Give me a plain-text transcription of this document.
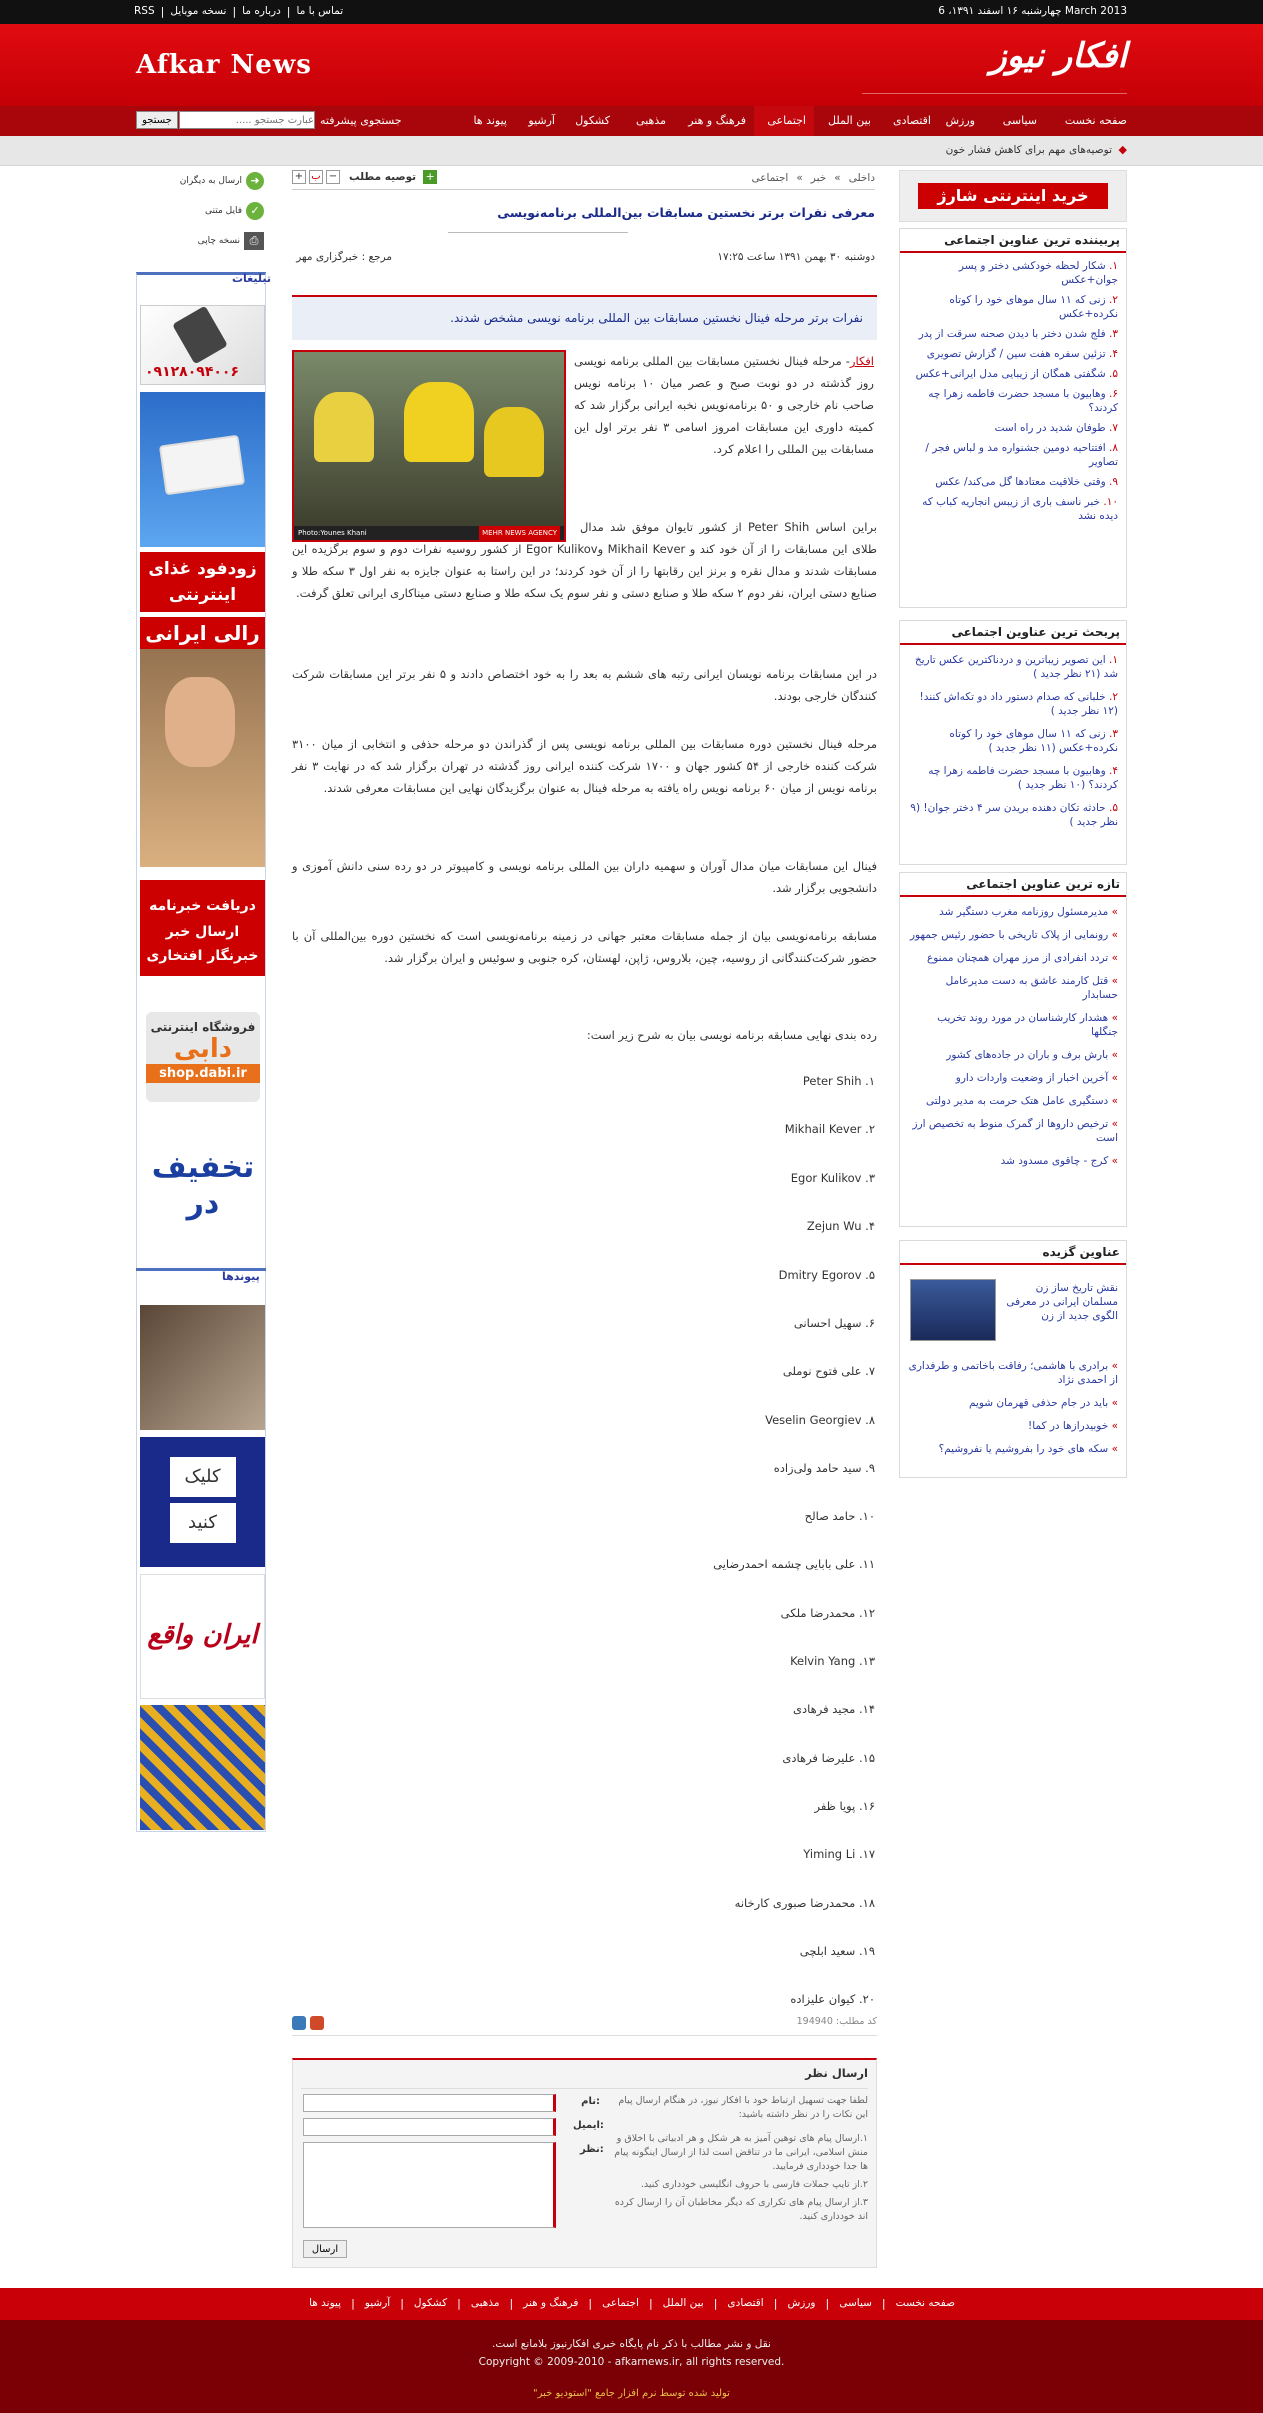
چهارشنبه ۱۶ اسفند ۱۳۹۱، 6 March 2013
تماس با ما
|
درباره ما
|
نسخه موبایل
|
RSS
Afkar News	افکار نیوز
صفحه نخست
سیاسی
ورزش
اقتصادی
بین الملل
اجتماعی
فرهنگ و هنر
مذهبی
کشکول
آرشیو
پیوند ها
جستجوی پیشرفته
عبارت جستجو .....
جستجو
◆
توصیه‌های مهم برای کاهش فشار خون
ارسال به دیگران ➜
فایل متنی ✓
نسخه چاپی ⎙
تبلیغات
۰۹۱۲۸۰۹۴۰۰۶
زودفود غذای اینترنتی
رالی ایرانی
دریافت خبرنامه
ارسال خبر
خبرنگار افتخاری
فروشگاه اینترنتی
دابی
shop.dabi.ir
تخفیف در
پیوندها
کلیک
کنید
ایران واقع
داخلی
»
خبر
»
اجتماعی
+ ب − توصیه مطلب +
معرفی نفرات برتر نخستین مسابقات بین‌المللی برنامه‌نویسی
دوشنبه ۳۰ بهمن ۱۳۹۱ ساعت ۱۷:۲۵
مرجع : خبرگزاری مهر
نفرات برتر مرحله فینال نخستین مسابقات بین المللی برنامه نویسی مشخص شدند.
Photo:Younes Khani	MEHR NEWS AGENCY

افکار- مرحله فینال نخستین مسابقات بین المللی برنامه نویسی روز گذشته در دو نوبت صبح و عصر میان ۱۰ برنامه نویس صاحب نام خارجی و ۵۰ برنامه‌نویس نخبه ایرانی برگزار شد که کمیته داوری این مسابقات امروز اسامی ۳ نفر برتر اول این مسابقات بین المللی را اعلام کرد.

براین اساس Peter Shih از کشور تایوان موفق شد مدال طلای این مسابقات را از آن خود کند و Mikhail Kever وEgor Kulikov از کشور روسیه نفرات دوم و سوم برگزیده این مسابقات شدند و مدال نقره و برنز این رقابتها را از آن خود کردند؛ در این راستا به عنوان جایزه به نفر اول ۳ سکه طلا و صنایع دستی ایران، نفر دوم ۲ سکه طلا و صنایع دستی و نفر سوم یک سکه طلا و صنایع دستی میناکاری ایرانی تعلق گرفت.

در این مسابقات برنامه نویسان ایرانی رتبه های ششم به بعد را به خود اختصاص دادند و ۵ نفر برتر این مسابقات شرکت کنندگان خارجی بودند.

مرحله فینال نخستین دوره مسابقات بین المللی برنامه نویسی پس از گذراندن دو مرحله حذفی و انتخابی از میان ۳۱۰۰ شرکت کننده خارجی از ۵۴ کشور جهان و ۱۷۰۰ شرکت کننده ایرانی روز گذشته در تهران برگزار شد که در نهایت ۳ نفر برنامه نویس از میان ۶۰ برنامه نویس راه یافته به مرحله فینال به عنوان برگزیدگان نهایی این مسابقات معرفی شدند.

فینال این مسابقات میان مدال آوران و سهمیه داران بین المللی برنامه نویسی و کامپیوتر در دو رده سنی دانش آموزی و دانشجویی برگزار شد.

مسابقه برنامه‌نویسی بیان از جمله مسابقات معتبر جهانی در زمینه برنامه‌نویسی است که نخستین دوره بین‌المللی آن با حضور شرکت‌کنندگانی از روسیه، چین، بلاروس، ژاپن، لهستان، کره جنوبی و سوئیس و ایران برگزار شد.

رده بندی نهایی مسابقه برنامه نویسی بیان به شرح زیر است:

۱. Peter Shih
۲. Mikhail Kever
۳. Egor Kulikov
۴. Zejun Wu
۵. Dmitry Egorov
۶. سهیل احسانی
۷. علی فتوح نوملی
۸. Veselin Georgiev
۹. سید حامد ولی‌زاده
۱۰. حامد صالح
۱۱. علی بابایی چشمه احمدرضایی
۱۲. محمدرضا ملکی
۱۳. Kelvin Yang
۱۴. مجید فرهادی
۱۵. علیرضا فرهادی
۱۶. پویا ظفر
۱۷. Yiming Li
۱۸. محمدرضا صبوری کارخانه
۱۹. سعید ابلچی
۲۰. کیوان علیزاده
کد مطلب: 194940
ارسال نظر
لطفا جهت تسهیل ارتباط خود با افکار نیوز، در هنگام ارسال پیام این نکات را در نظر داشته باشید:
۱.ارسال پیام های توهین آمیز به هر شکل و هر ادبیاتی با اخلاق و منش اسلامی، ایرانی ما در تناقض است لذا از ارسال اینگونه پیام ها جدا خودداری فرمایید.
۲.از تایپ جملات فارسی با حروف انگلیسی خودداری کنید.
۳.از ارسال پیام های تکراری که دیگر مخاطبان آن را ارسال کرده اند خودداری کنید.
نام:
ایمیل:
نظر:
ارسال
خرید اینترنتی شارژ
پربیننده ترین عناوین اجتماعی
۱. شکار لحظه خودکشی دختر و پسر جوان+عکس
۲. زنی که ۱۱ سال موهای خود را کوتاه نکرده+عکس
۳. فلج شدن دختر با دیدن صحنه سرقت از پدر
۴. تزئین سفره هفت سین / گزارش تصویری
۵. شگفتی همگان از زیبایی مدل ایرانی+عکس
۶. وهابیون با مسجد حضرت فاطمه زهرا چه کردند؟
۷. طوفان شدید در راه است
۸. افتتاحیه دومین جشنواره مد و لباس فجر / تصاویر
۹. وقتی خلاقیت معتادها گل می‌کند/ عکس
۱۰. خبر ناسف باری از زیبس انجاریه کباب که دیده نشد
پربحث ترین عناوین اجتماعی
۱. این تصویر زیباترین و دردناکترین عکس تاریخ شد (۲۱ نظر جدید )
۲. خلبانی که صدام دستور داد دو تکه‌اش کنند! (۱۲ نظر جدید )
۳. زنی که ۱۱ سال موهای خود را کوتاه نکرده+عکس (۱۱ نظر جدید )
۴. وهابیون با مسجد حضرت فاطمه زهرا چه کردند؟ (۱۰ نظر جدید )
۵. حادثه تکان دهنده بریدن سر ۴ دختر جوان! (۹ نظر جدید )
تازه ترین عناوین اجتماعی
» مدیرمسئول روزنامه مغرب دستگیر شد
» رونمایی از پلاک تاریخی با حضور رئیس جمهور
» تردد انفرادی از مرز مهران همچنان ممنوع
» قتل کارمند عاشق به دست مدیرعامل حسابدار
» هشدار کارشناسان در مورد روند تخریب جنگلها
» بارش برف و باران در جاده‌های کشور
» آخرین اخبار از وضعیت واردات دارو
» دستگیری عامل هتک حرمت به مدیر دولتی
» ترخیص داروها از گمرک منوط به تخصیص ارز است
» کرج - چاقوی مسدود شد
عناوین گزیده
نقش تاریخ ساز زن مسلمان ایرانی در معرفی الگوی جدید از زن
» برادری با هاشمی؛ رفاقت باخاتمی و طرفداری از احمدی نژاد
» باید در جام حذفی قهرمان شویم
» خوبیدرازها در کما!
» سکه های خود را بفروشیم یا نفروشیم؟
صفحه نخست
|
سیاسی
|
ورزش
|
اقتصادی
|
بین الملل
|
اجتماعی
|
فرهنگ و هنر
|
مذهبی
|
کشکول
|
آرشیو
|
پیوند ها
نقل و نشر مطالب با ذکر نام پایگاه خبری افکارنیوز بلامانع است.
Copyright © 2009-2010 - afkarnews.ir, all rights reserved.
تولید شده توسط نرم افزار جامع "استودیو خبر"
